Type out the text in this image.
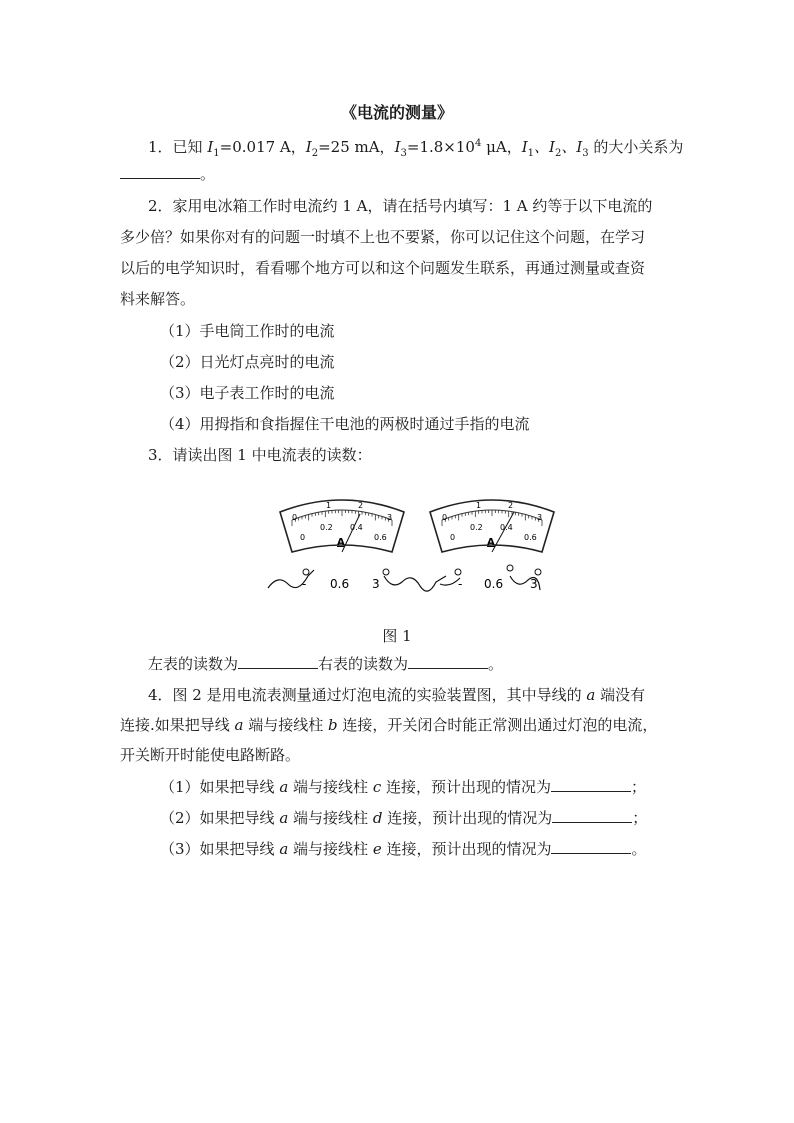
《电流的测量》
1．已知 $I_1=0.017$ A，$I_2=25$ mA，$I_3=1.8\times 10^4$ μA，$I_1$、$I_2$、$I_3$ 的大小关系为
。
2．家用电冰箱工作时电流约 1 A，请在括号内填写：1 A 约等于以下电流的
多少倍？如果你对有的问题一时填不上也不要紧，你可以记住这个问题，在学习
以后的电学知识时，看看哪个地方可以和这个问题发生联系，再通过测量或查资
料来解答。
（1）手电筒工作时的电流
（2）日光灯点亮时的电流
（3）电子表工作时的电流
（4）用拇指和食指握住干电池的两极时通过手指的电流
3．请读出图 1 中电流表的读数：
0
1	2
3
0
0.2 0.4
0.6
A
0
1	2
3
0
0.2 0.4
0.6
A
- 0.6 3	- 0.6 3
图 1
左表的读数为	右表的读数为	。
4．图 2 是用电流表测量通过灯泡电流的实验装置图，其中导线的 a 端没有
连接.如果把导线 a 端与接线柱 b 连接，开关闭合时能正常测出通过灯泡的电流，
开关断开时能使电路断路。
（1）如果把导线 a 端与接线柱 c 连接，预计出现的情况为	；
（2）如果把导线 a 端与接线柱 d 连接，预计出现的情况为	；
（3）如果把导线 a 端与接线柱 e 连接，预计出现的情况为	。
